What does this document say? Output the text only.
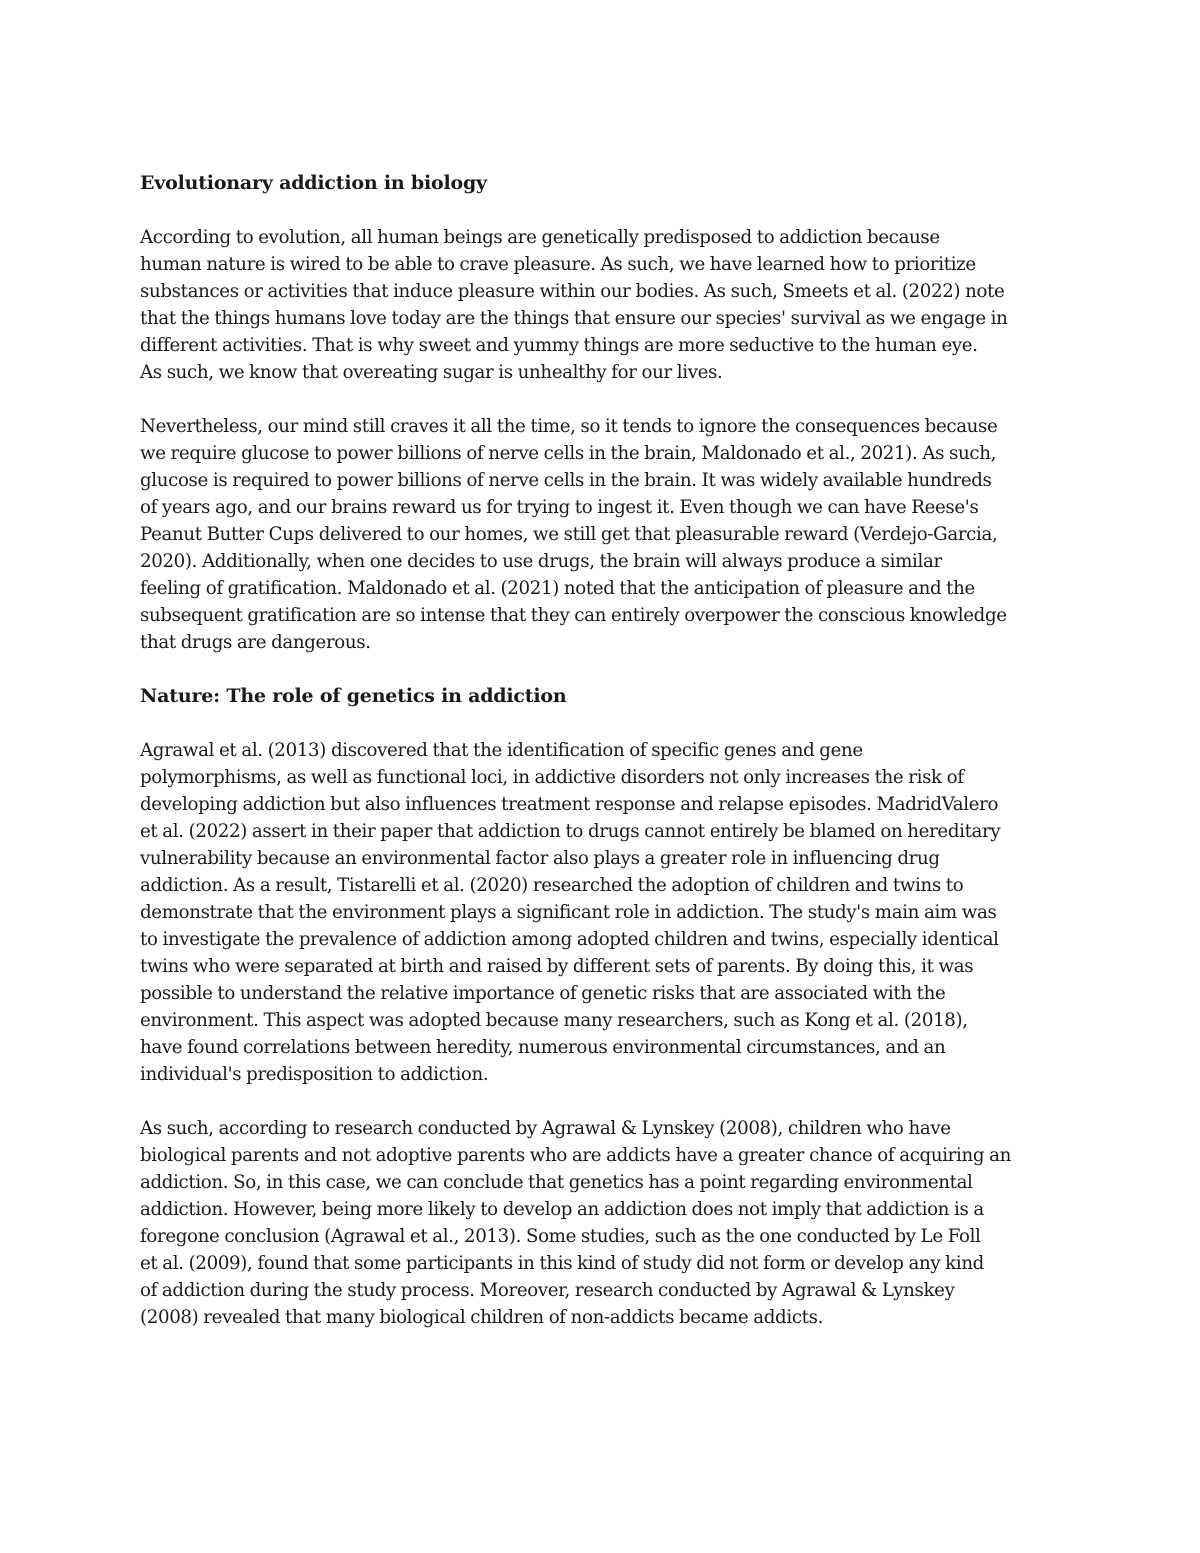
Evolutionary addiction in biology
According to evolution, all human beings are genetically predisposed to addiction because
human nature is wired to be able to crave pleasure. As such, we have learned how to prioritize
substances or activities that induce pleasure within our bodies. As such, Smeets et al. (2022) note
that the things humans love today are the things that ensure our species' survival as we engage in
different activities. That is why sweet and yummy things are more seductive to the human eye.
As such, we know that overeating sugar is unhealthy for our lives.
Nevertheless, our mind still craves it all the time, so it tends to ignore the consequences because
we require glucose to power billions of nerve cells in the brain, Maldonado et al., 2021). As such,
glucose is required to power billions of nerve cells in the brain. It was widely available hundreds
of years ago, and our brains reward us for trying to ingest it. Even though we can have Reese's
Peanut Butter Cups delivered to our homes, we still get that pleasurable reward (Verdejo-Garcia,
2020). Additionally, when one decides to use drugs, the brain will always produce a similar
feeling of gratification. Maldonado et al. (2021) noted that the anticipation of pleasure and the
subsequent gratification are so intense that they can entirely overpower the conscious knowledge
that drugs are dangerous.
Nature: The role of genetics in addiction
Agrawal et al. (2013) discovered that the identification of specific genes and gene
polymorphisms, as well as functional loci, in addictive disorders not only increases the risk of
developing addiction but also influences treatment response and relapse episodes. MadridValero
et al. (2022) assert in their paper that addiction to drugs cannot entirely be blamed on hereditary
vulnerability because an environmental factor also plays a greater role in influencing drug
addiction. As a result, Tistarelli et al. (2020) researched the adoption of children and twins to
demonstrate that the environment plays a significant role in addiction. The study's main aim was
to investigate the prevalence of addiction among adopted children and twins, especially identical
twins who were separated at birth and raised by different sets of parents. By doing this, it was
possible to understand the relative importance of genetic risks that are associated with the
environment. This aspect was adopted because many researchers, such as Kong et al. (2018),
have found correlations between heredity, numerous environmental circumstances, and an
individual's predisposition to addiction.
As such, according to research conducted by Agrawal & Lynskey (2008), children who have
biological parents and not adoptive parents who are addicts have a greater chance of acquiring an
addiction. So, in this case, we can conclude that genetics has a point regarding environmental
addiction. However, being more likely to develop an addiction does not imply that addiction is a
foregone conclusion (Agrawal et al., 2013). Some studies, such as the one conducted by Le Foll
et al. (2009), found that some participants in this kind of study did not form or develop any kind
of addiction during the study process. Moreover, research conducted by Agrawal & Lynskey
(2008) revealed that many biological children of non-addicts became addicts.
